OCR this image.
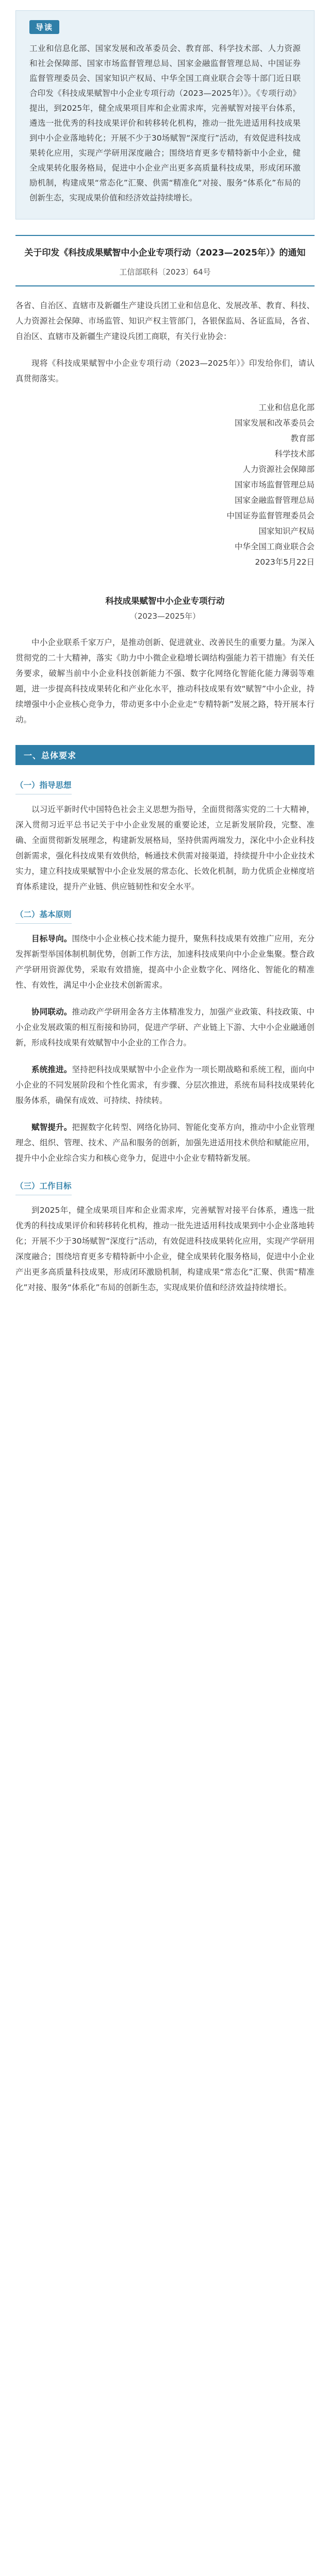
导读

工业和信息化部、国家发展和改革委员会、教育部、科学技术部、人力资源和社会保障部、国家市场监督管理总局、国家金融监督管理总局、中国证券监督管理委员会、国家知识产权局、中华全国工商业联合会等十部门近日联合印发《科技成果赋智中小企业专项行动（2023—2025年）》。《专项行动》提出，到2025年，健全成果项目库和企业需求库，完善赋智对接平台体系，遴选一批优秀的科技成果评价和转移转化机构，推动一批先进适用科技成果到中小企业落地转化；开展不少于30场赋智“深度行”活动，有效促进科技成果转化应用，实现产学研用深度融合；围绕培育更多专精特新中小企业，健全成果转化服务格局，促进中小企业产出更多高质量科技成果，形成闭环激励机制，构建成果“常态化”汇聚、供需“精准化”对接、服务“体系化”布局的创新生态，实现成果价值和经济效益持续增长。

关于印发《科技成果赋智中小企业专项行动（2023—2025年）》的通知
工信部联科〔2023〕64号
各省、自治区、直辖市及新疆生产建设兵团工业和信息化、发展改革、教育、科技、人力资源社会保障、市场监管、知识产权主管部门，各银保监局、各证监局，各省、自治区、直辖市及新疆生产建设兵团工商联，有关行业协会：
现将《科技成果赋智中小企业专项行动（2023—2025年）》印发给你们，请认真贯彻落实。
工业和信息化部
国家发展和改革委员会
教育部
科学技术部
人力资源社会保障部
国家市场监督管理总局
国家金融监督管理总局
中国证券监督管理委员会
国家知识产权局
中华全国工商业联合会
2023年5月22日
科技成果赋智中小企业专项行动
（2023—2025年）
中小企业联系千家万户，是推动创新、促进就业、改善民生的重要力量。为深入贯彻党的二十大精神，落实《助力中小微企业稳增长调结构强能力若干措施》有关任务要求，破解当前中小企业科技创新能力不强、数字化网络化智能化能力薄弱等难题，进一步提高科技成果转化和产业化水平，推动科技成果有效“赋智”中小企业，持续增强中小企业核心竞争力，带动更多中小企业走“专精特新”发展之路，特开展本行动。
一、总体要求
（一）指导思想
以习近平新时代中国特色社会主义思想为指导，全面贯彻落实党的二十大精神，深入贯彻习近平总书记关于中小企业发展的重要论述，立足新发展阶段，完整、准确、全面贯彻新发展理念，构建新发展格局，坚持供需两端发力，深化中小企业科技创新需求，强化科技成果有效供给，畅通技术供需对接渠道，持续提升中小企业技术实力，建立科技成果赋智中小企业发展的常态化、长效化机制，助力优质企业梯度培育体系建设，提升产业链、供应链韧性和安全水平。
（二）基本原则
目标导向。围绕中小企业核心技术能力提升，聚焦科技成果有效推广应用，充分发挥新型举国体制机制优势，创新工作方法，加速科技成果向中小企业集聚。整合政产学研用资源优势，采取有效措施，提高中小企业数字化、网络化、智能化的精准性、有效性，满足中小企业技术创新需求。
协同联动。推动政产学研用金各方主体精准发力，加强产业政策、科技政策、中小企业发展政策的相互衔接和协同，促进产学研、产业链上下游、大中小企业融通创新，形成科技成果有效赋智中小企业的工作合力。
系统推进。坚持把科技成果赋智中小企业作为一项长期战略和系统工程，面向中小企业的不同发展阶段和个性化需求，有步骤、分层次推进，系统布局科技成果转化服务体系，确保有成效、可持续、持续转。
赋智提升。把握数字化转型、网络化协同、智能化变革方向，推动中小企业管理理念、组织、管理、技术、产品和服务的创新，加强先进适用技术供给和赋能应用，提升中小企业综合实力和核心竞争力，促进中小企业专精特新发展。
（三）工作目标
到2025年，健全成果项目库和企业需求库，完善赋智对接平台体系，遴选一批优秀的科技成果评价和转移转化机构，推动一批先进适用科技成果到中小企业落地转化；开展不少于30场赋智“深度行”活动，有效促进科技成果转化应用，实现产学研用深度融合；围绕培育更多专精特新中小企业，健全成果转化服务格局，促进中小企业产出更多高质量科技成果，形成闭环激励机制，构建成果“常态化”汇聚、供需“精准化”对接、服务“体系化”布局的创新生态，实现成果价值和经济效益持续增长。
